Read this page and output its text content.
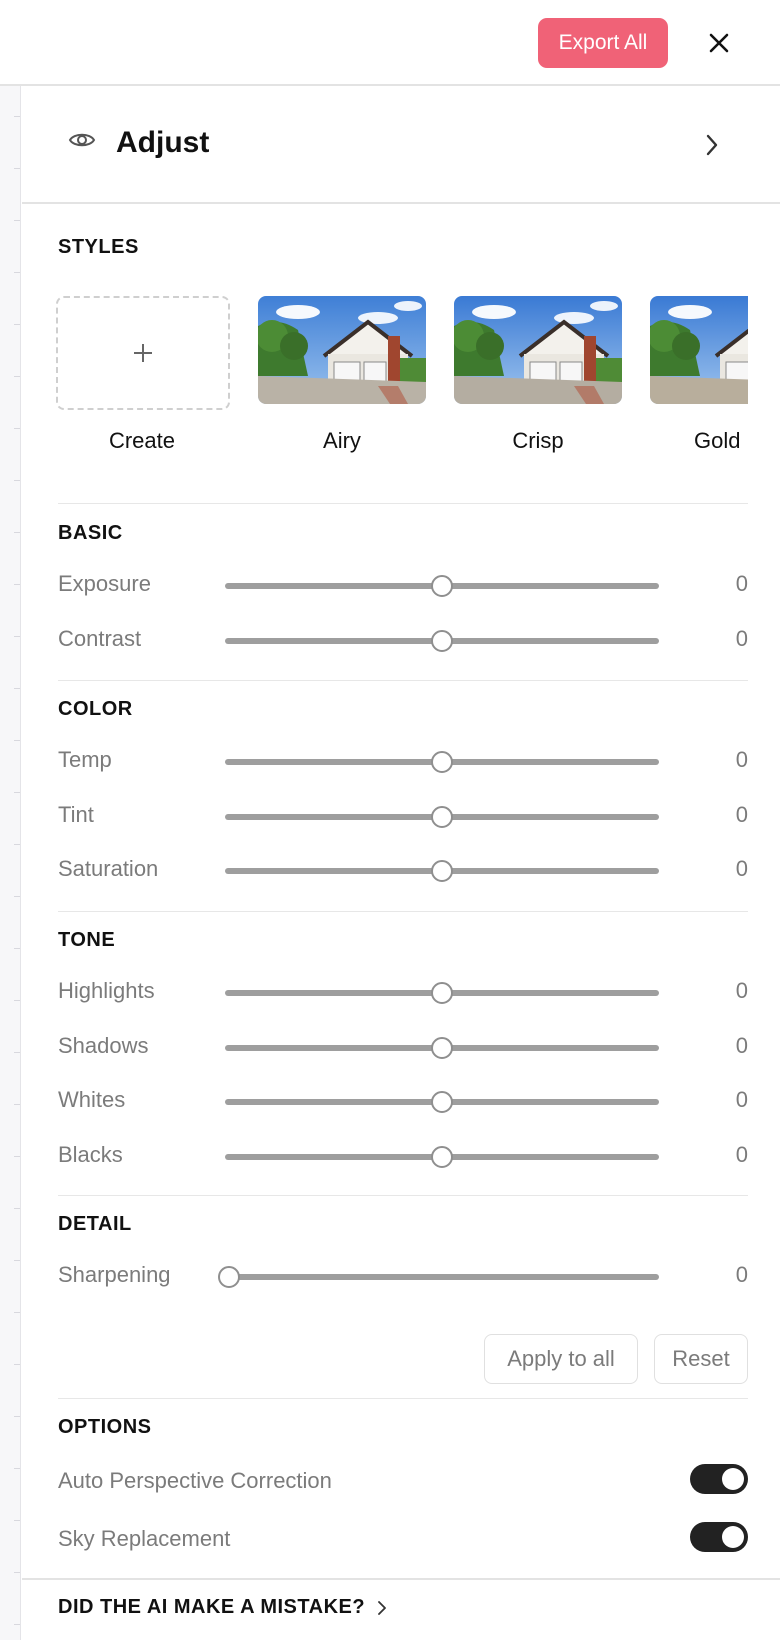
Export All
Adjust
STYLES
Create	Airy	Crisp	Gold
BASIC
Exposure	0
Contrast	0
COLOR
Temp	0
Tint	0
Saturation	0
TONE
Highlights	0
Shadows	0
Whites	0
Blacks	0
DETAIL
Sharpening	0
Apply to all	Reset
OPTIONS
Auto Perspective Correction
Sky Replacement
DID THE AI MAKE A MISTAKE?
